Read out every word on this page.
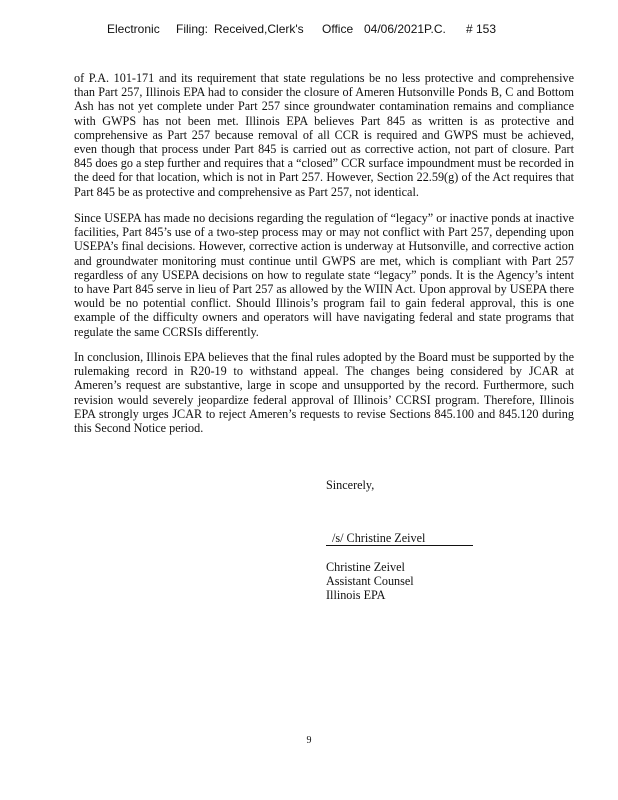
Electronic Filing: Received,Clerk's Office 04/06/2021P.C. # 153

of P.A. 101-171 and its requirement that state regulations be no less protective and comprehensive than Part 257, Illinois EPA had to consider the closure of Ameren Hutsonville Ponds B, C and Bottom Ash has not yet complete under Part 257 since groundwater contamination remains and compliance with GWPS has not been met. Illinois EPA believes Part 845 as written is as protective and comprehensive as Part 257 because removal of all CCR is required and GWPS must be achieved, even though that process under Part 845 is carried out as corrective action, not part of closure. Part 845 does go a step further and requires that a “closed” CCR surface impoundment must be recorded in the deed for that location, which is not in Part 257. However, Section 22.59(g) of the Act requires that Part 845 be as protective and comprehensive as Part 257, not identical.

Since USEPA has made no decisions regarding the regulation of “legacy” or inactive ponds at inactive facilities, Part 845’s use of a two-step process may or may not conflict with Part 257, depending upon USEPA’s final decisions. However, corrective action is underway at Hutsonville, and corrective action and groundwater monitoring must continue until GWPS are met, which is compliant with Part 257 regardless of any USEPA decisions on how to regulate state “legacy” ponds. It is the Agency’s intent to have Part 845 serve in lieu of Part 257 as allowed by the WIIN Act. Upon approval by USEPA there would be no potential conflict. Should Illinois’s program fail to gain federal approval, this is one example of the difficulty owners and operators will have navigating federal and state programs that regulate the same CCRSIs differently.

In conclusion, Illinois EPA believes that the final rules adopted by the Board must be supported by the rulemaking record in R20-19 to withstand appeal. The changes being considered by JCAR at Ameren’s request are substantive, large in scope and unsupported by the record. Furthermore, such revision would severely jeopardize federal approval of Illinois’ CCRSI program. Therefore, Illinois EPA strongly urges JCAR to reject Ameren’s requests to revise Sections 845.100 and 845.120 during this Second Notice period.

Sincerely,
/s/ Christine Zeivel
Christine Zeivel
Assistant Counsel
Illinois EPA
9
